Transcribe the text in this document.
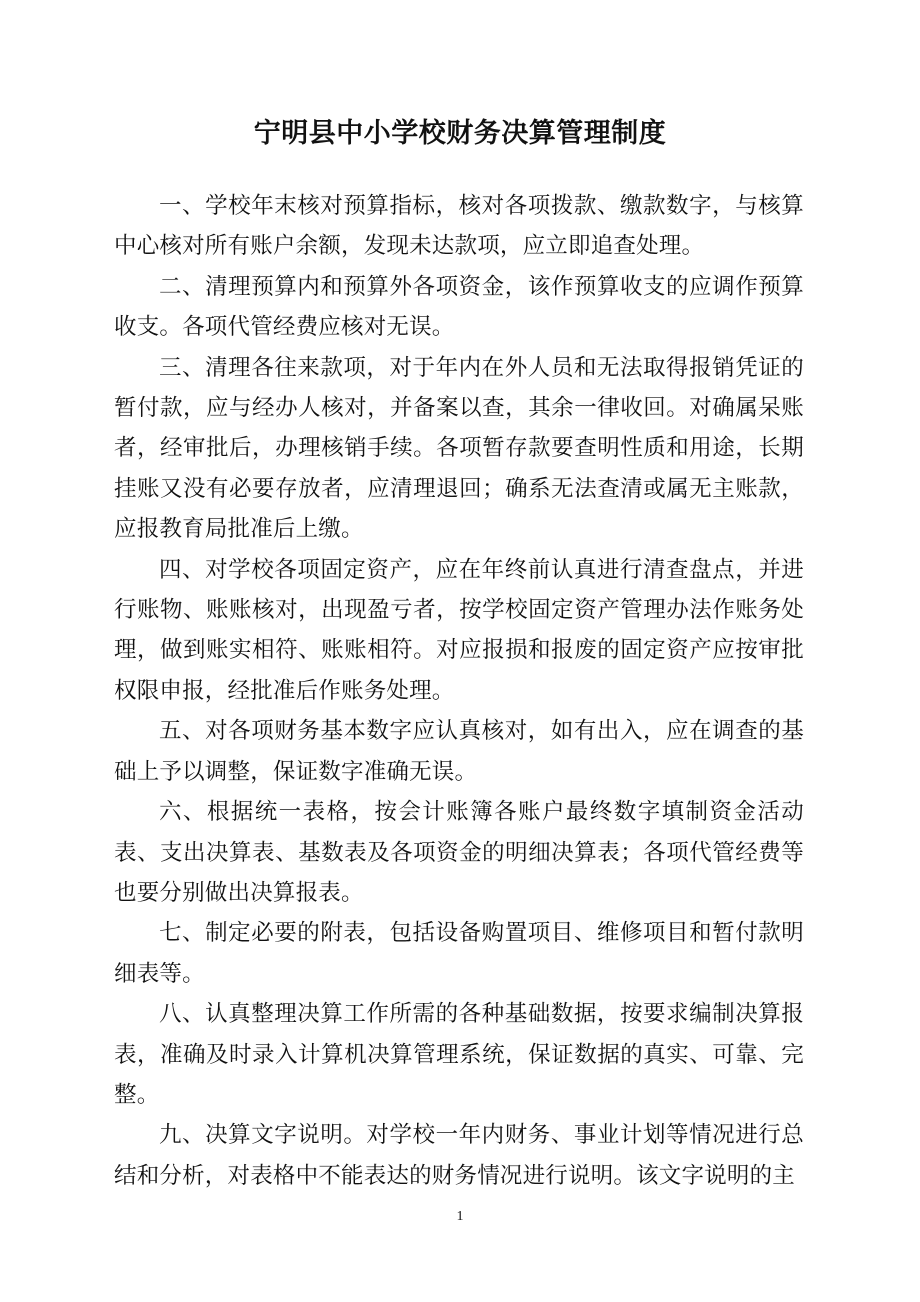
宁明县中小学校财务决算管理制度

一、学校年末核对预算指标，核对各项拨款、缴款数字，与核算中心核对所有账户余额，发现未达款项，应立即追查处理。

二、清理预算内和预算外各项资金，该作预算收支的应调作预算收支。各项代管经费应核对无误。

三、清理各往来款项，对于年内在外人员和无法取得报销凭证的暂付款，应与经办人核对，并备案以查，其余一律收回。对确属呆账者，经审批后，办理核销手续。各项暂存款要查明性质和用途，长期挂账又没有必要存放者，应清理退回；确系无法查清或属无主账款，应报教育局批准后上缴。

四、对学校各项固定资产，应在年终前认真进行清查盘点，并进行账物、账账核对，出现盈亏者，按学校固定资产管理办法作账务处理，做到账实相符、账账相符。对应报损和报废的固定资产应按审批权限申报，经批准后作账务处理。

五、对各项财务基本数字应认真核对，如有出入，应在调查的基础上予以调整，保证数字准确无误。

六、根据统一表格，按会计账簿各账户最终数字填制资金活动表、支出决算表、基数表及各项资金的明细决算表；各项代管经费等也要分别做出决算报表。

七、制定必要的附表，包括设备购置项目、维修项目和暂付款明细表等。

八、认真整理决算工作所需的各种基础数据，按要求编制决算报表，准确及时录入计算机决算管理系统，保证数据的真实、可靠、完整。

九、决算文字说明。对学校一年内财务、事业计划等情况进行总结和分析，对表格中不能表达的财务情况进行说明。该文字说明的主

1
